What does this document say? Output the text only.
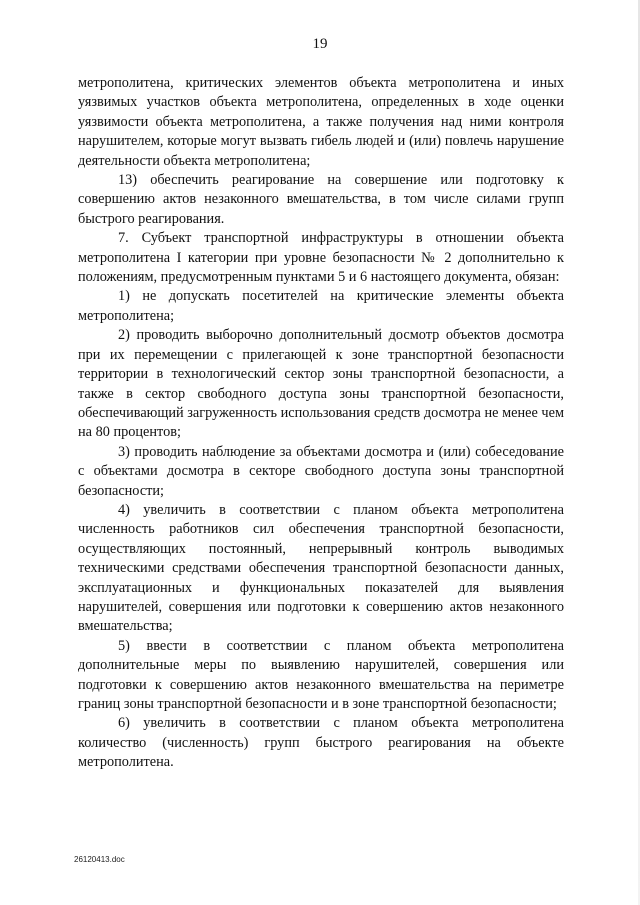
19

метрополитена, критических элементов объекта метрополитена и иных уязвимых участков объекта метрополитена, определенных в ходе оценки уязвимости объекта метрополитена, а также получения над ними контроля нарушителем, которые могут вызвать гибель людей и (или) повлечь нарушение деятельности объекта метрополитена;

13) обеспечить реагирование на совершение или подготовку к совершению актов незаконного вмешательства, в том числе силами групп быстрого реагирования.

7. Субъект транспортной инфраструктуры в отношении объекта метрополитена I категории при уровне безопасности № 2 дополнительно к положениям, предусмотренным пунктами 5 и 6 настоящего документа, обязан:

1) не допускать посетителей на критические элементы объекта метрополитена;

2) проводить выборочно дополнительный досмотр объектов досмотра при их перемещении с прилегающей к зоне транспортной безопасности территории в технологический сектор зоны транспортной безопасности, а также в сектор свободного доступа зоны транспортной безопасности, обеспечивающий загруженность использования средств досмотра не менее чем на 80 процентов;

3) проводить наблюдение за объектами досмотра и (или) собеседование с объектами досмотра в секторе свободного доступа зоны транспортной безопасности;

4) увеличить в соответствии с планом объекта метрополитена численность работников сил обеспечения транспортной безопасности, осуществляющих постоянный, непрерывный контроль выводимых техническими средствами обеспечения транспортной безопасности данных, эксплуатационных и функциональных показателей для выявления нарушителей, совершения или подготовки к совершению актов незаконного вмешательства;

5) ввести в соответствии с планом объекта метрополитена дополнительные меры по выявлению нарушителей, совершения или подготовки к совершению актов незаконного вмешательства на периметре границ зоны транспортной безопасности и в зоне транспортной безопасности;

6) увеличить в соответствии с планом объекта метрополитена количество (численность) групп быстрого реагирования на объекте метрополитена.

26120413.doc
